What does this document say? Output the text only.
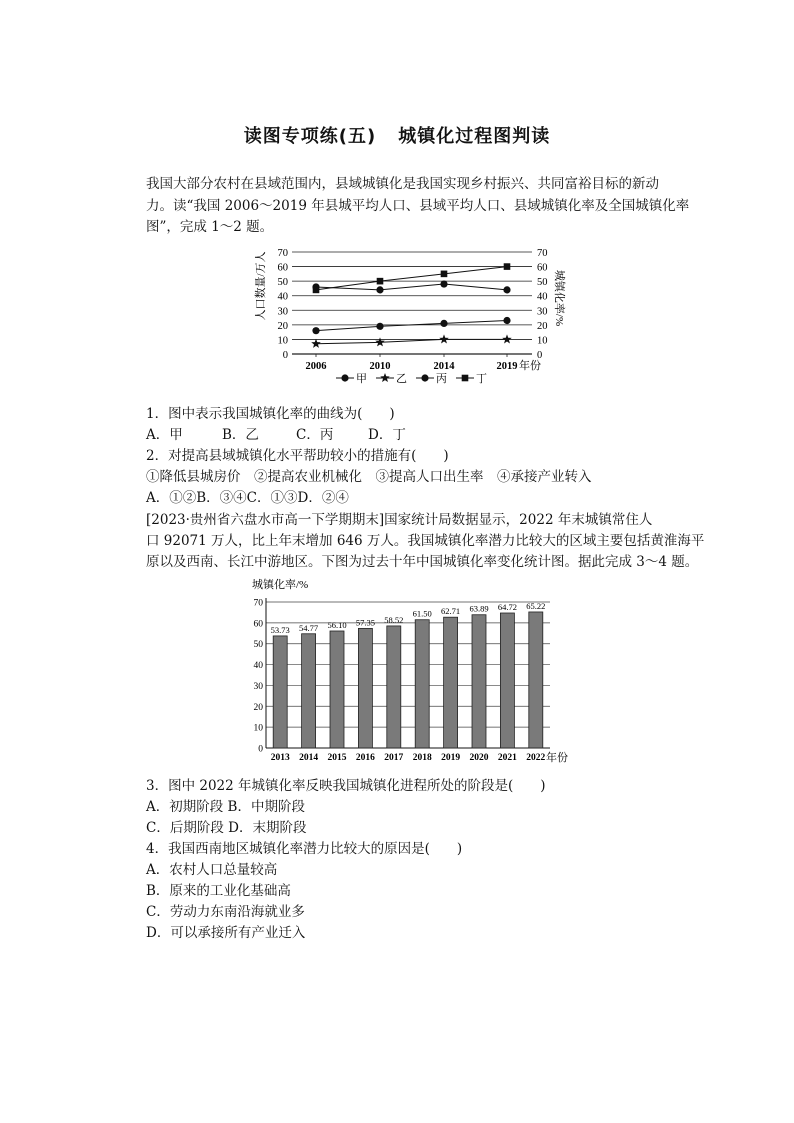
读图专项练(五) 城镇化过程图判读
我国大部分农村在县域范围内，县域城镇化是我国实现乡村振兴、共同富裕目标的新动
力。读“我国 2006～2019 年县城平均人口、县域平均人口、县域城镇化率及全国城镇化率
图”，完成 1～2 题。
0	0
10	10
20	20
30	30
40	40
50	50
60	60
70	70
2006	2010	2014	2019
甲	乙	丙	丁
人口数量/万人	城镇化率/%
年份
1．图中表示我国城镇化率的曲线为(　　)
A．甲	B．乙	C．丙	D．丁
2．对提高县域城镇化水平帮助较小的措施有(　　)
①降低县城房价　②提高农业机械化　③提高人口出生率　④承接产业转入
A．①②B．③④C．①③D．②④
[2023·贵州省六盘水市高一下学期期末]国家统计局数据显示，2022 年末城镇常住人
口 92071 万人，比上年末增加 646 万人。我国城镇化率潜力比较大的区域主要包括黄淮海平
原以及西南、长江中游地区。下图为过去十年中国城镇化率变化统计图。据此完成 3～4 题。
城镇化率/%
53.73 54.77 56.10 57.35 58.52
61.50 62.71 63.89 64.72 65.22
0
10
20
30
40
50
60
70
2013 2014 2015 2016 2017 2018 2019 2020 2021 2022 年份
3．图中 2022 年城镇化率反映我国城镇化进程所处的阶段是(　　)
A．初期阶段 B．中期阶段
C．后期阶段 D．末期阶段
4．我国西南地区城镇化率潜力比较大的原因是(　　)
A．农村人口总量较高
B．原来的工业化基础高
C．劳动力东南沿海就业多
D．可以承接所有产业迁入
